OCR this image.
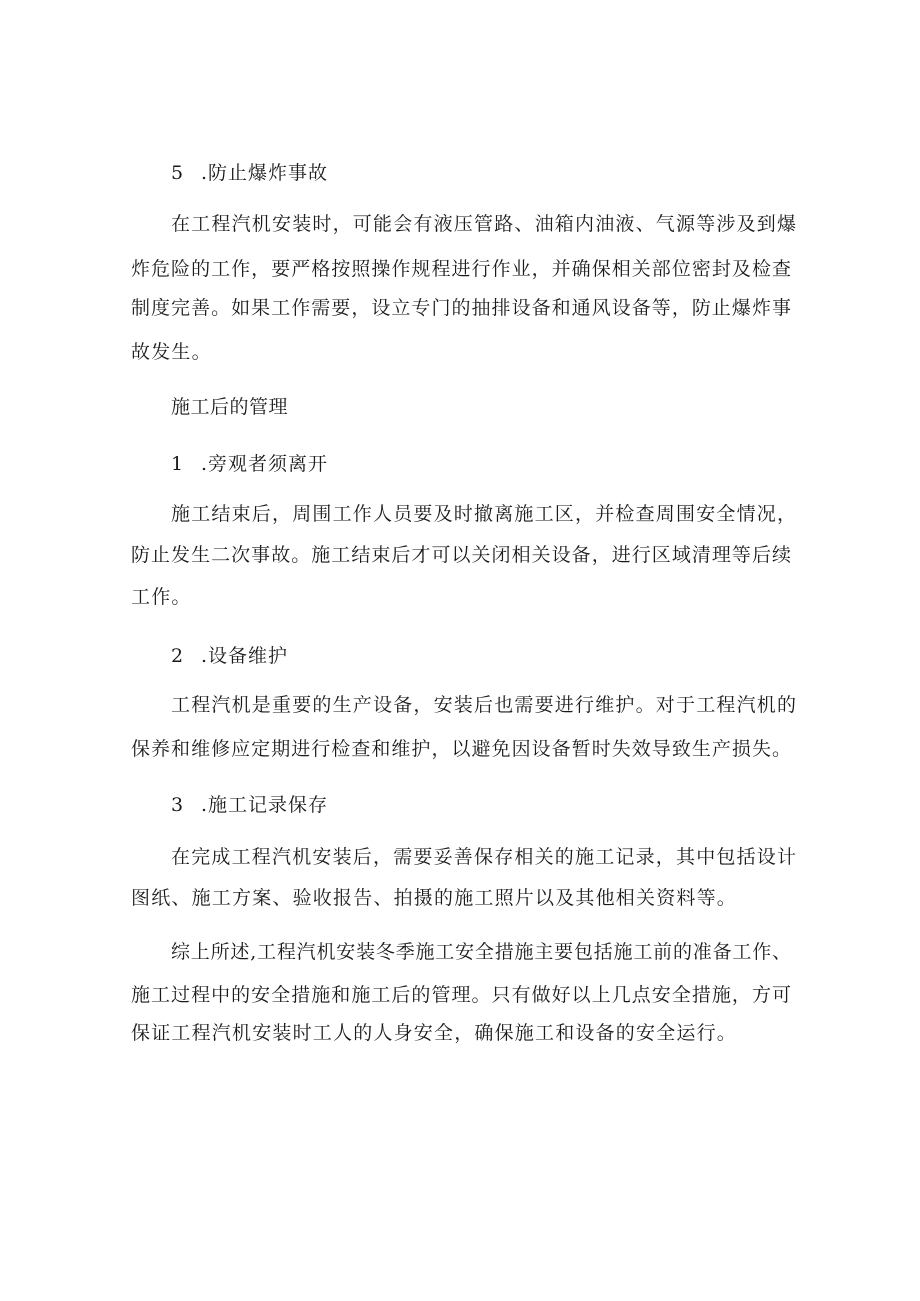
5 .防止爆炸事故
在工程汽机安装时，可能会有液压管路、油箱内油液、气源等涉及到爆
炸危险的工作，要严格按照操作规程进行作业，并确保相关部位密封及检查
制度完善。如果工作需要，设立专门的抽排设备和通风设备等，防止爆炸事
故发生。
施工后的管理
1 .旁观者须离开
施工结束后，周围工作人员要及时撤离施工区，并检查周围安全情况，
防止发生二次事故。施工结束后才可以关闭相关设备，进行区域清理等后续
工作。
2 .设备维护
工程汽机是重要的生产设备，安装后也需要进行维护。对于工程汽机的
保养和维修应定期进行检查和维护，以避免因设备暂时失效导致生产损失。
3 .施工记录保存
在完成工程汽机安装后，需要妥善保存相关的施工记录，其中包括设计
图纸、施工方案、验收报告、拍摄的施工照片以及其他相关资料等。
综上所述,工程汽机安装冬季施工安全措施主要包括施工前的准备工作、
施工过程中的安全措施和施工后的管理。只有做好以上几点安全措施，方可
保证工程汽机安装时工人的人身安全，确保施工和设备的安全运行。
